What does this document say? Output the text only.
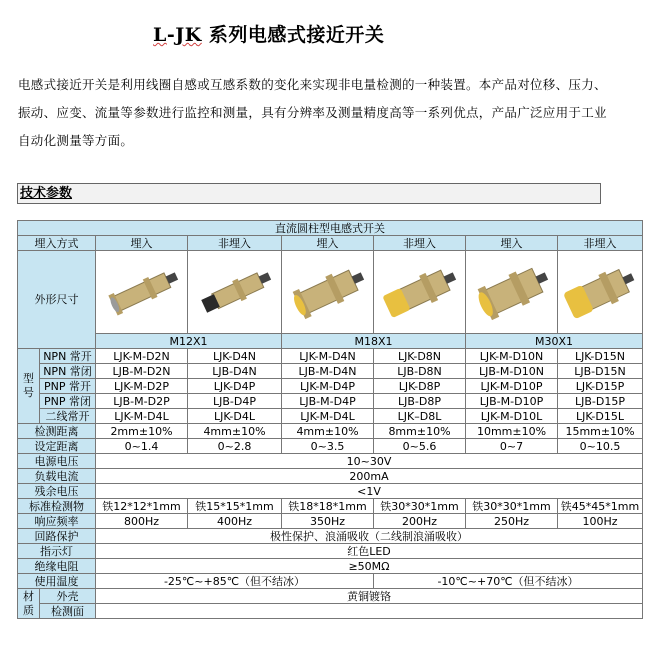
L-JK 系列电感式接近开关
电感式接近开关是利用线圈自感或互感系数的变化来实现非电量检测的一种装置。本产品对位移、压力、振动、应变、流量等参数进行监控和测量，具有分辨率及测量精度高等一系列优点，产品广泛应用于工业自动化测量等方面。
技术参数
直流圆柱型电感式开关							
埋入方式		埋入	非埋入	埋入	非埋入	埋入	非埋入
外形尺寸	

		M12X1		M18X1		M30X1	
型号	NPN 常开	LJK-M-D2N	LJK-D4N	LJK-M-D4N	LJK-D8N	LJK-M-D10N	LJK-D15N
	NPN 常闭	LJB-M-D2N	LJB-D4N	LJB-M-D4N	LJB-D8N	LJB-M-D10N	LJB-D15N
	PNP 常开	LJK-M-D2P	LJK-D4P	LJK-M-D4P	LJK-D8P	LJK-M-D10P	LJK-D15P
	PNP 常闭	LJB-M-D2P	LJB-D4P	LJB-M-D4P	LJB-D8P	LJB-M-D10P	LJB-D15P
	二线常开	LJK-M-D4L	LJK-D4L	LJK-M-D4L	LJK–D8L	LJK-M-D10L	LJK-D15L
检测距离		2mm±10%	4mm±10%	4mm±10%	8mm±10%	10mm±10%	15mm±10%
设定距离		0~1.4	0~2.8	0~3.5	0~5.6	0~7	0~10.5
电源电压		10~30V					
负载电流		200mA					
残余电压		<1V					
标准检测物		铁12*12*1mm	铁15*15*1mm	铁18*18*1mm	铁30*30*1mm	铁30*30*1mm	铁45*45*1mm
响应频率		800Hz	400Hz	350Hz	200Hz	250Hz	100Hz
回路保护		极性保护、浪涌吸收（二线制浪涌吸收）					
指示灯		红色LED					
绝缘电阻		≥50MΩ					
使用温度		-25℃~+85℃（但不结冰）			-10℃~+70℃（但不结冰）		
材质	外壳	黄铜镀铬					
	检测面						
